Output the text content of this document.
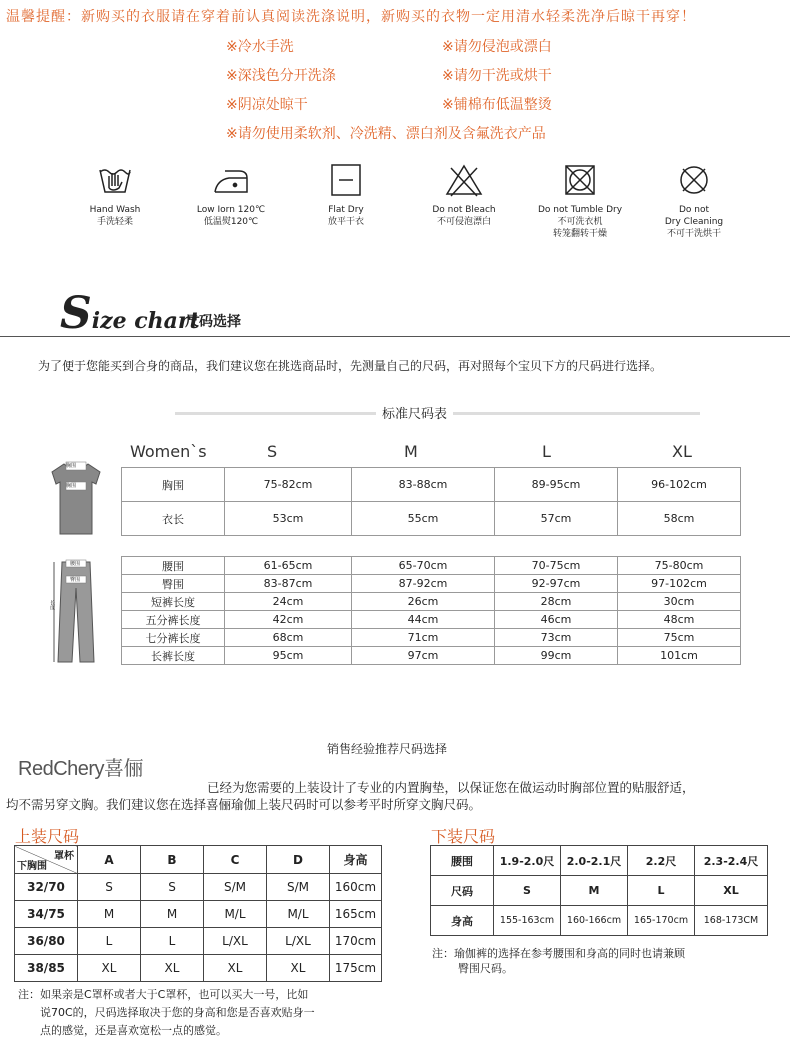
温馨提醒：新购买的衣服请在穿着前认真阅读洗涤说明，新购买的衣物一定用清水轻柔洗净后晾干再穿！
※冷水手洗
※深浅色分开洗涤
※阴凉处晾干
※请勿侵泡或漂白
※请勿干洗或烘干
※铺棉布低温整烫
※请勿使用柔软剂、冷洗精、漂白剂及含氟洗衣产品
Hand Wash
手洗轻柔
Low Iorn 120℃
低温熨120℃
Flat Dry
放平干衣
Do not Bleach
不可侵泡漂白
Do not Tumble Dry
不可洗衣机
转笼翻转干燥
Do not
Dry Cleaning
不可干洗烘干
Size chart
尺码选择
为了便于您能买到合身的商品，我们建议您在挑选商品时，先测量自己的尺码，再对照每个宝贝下方的尺码进行选择。
标准尺码表
Women`s	S	M	L	XL
胸围
胸围	胸围	75-82cm	83-88cm	89-95cm	96-102cm
衣长	53cm	55cm	57cm	58cm
腰围
臀围
长度
腰围	61-65cm	65-70cm	70-75cm	75-80cm
臀围	83-87cm	87-92cm	92-97cm	97-102cm
短裤长度	24cm	26cm	28cm	30cm
五分裤长度	42cm	44cm	46cm	48cm
七分裤长度	68cm	71cm	73cm	75cm
长裤长度	95cm	97cm	99cm	101cm
销售经验推荐尺码选择
RedChery喜俪
已经为您需要的上装设计了专业的内置胸垫，以保证您在做运动时胸部位置的贴服舒适，
均不需另穿文胸。我们建议您在选择喜俪瑜伽上装尺码时可以参考平时所穿文胸尺码。
上装尺码
罩杯
下胸围	A	B	C	D	身高
32/70	S	S	S/M	S/M	160cm
34/75	M	M	M/L	M/L	165cm
36/80	L	L	L/XL	L/XL	170cm
38/85	XL	XL	XL	XL	175cm
注：如果亲是C罩杯或者大于C罩杯，也可以买大一号，比如
说70C的，尺码选择取决于您的身高和您是否喜欢贴身一
点的感觉，还是喜欢宽松一点的感觉。
下装尺码
腰围	1.9-2.0尺	2.0-2.1尺	2.2尺	2.3-2.4尺
尺码	S	M	L	XL
身高	155-163cm	160-166cm	165-170cm	168-173CM
注：瑜伽裤的选择在参考腰围和身高的同时也请兼顾
臀围尺码。
